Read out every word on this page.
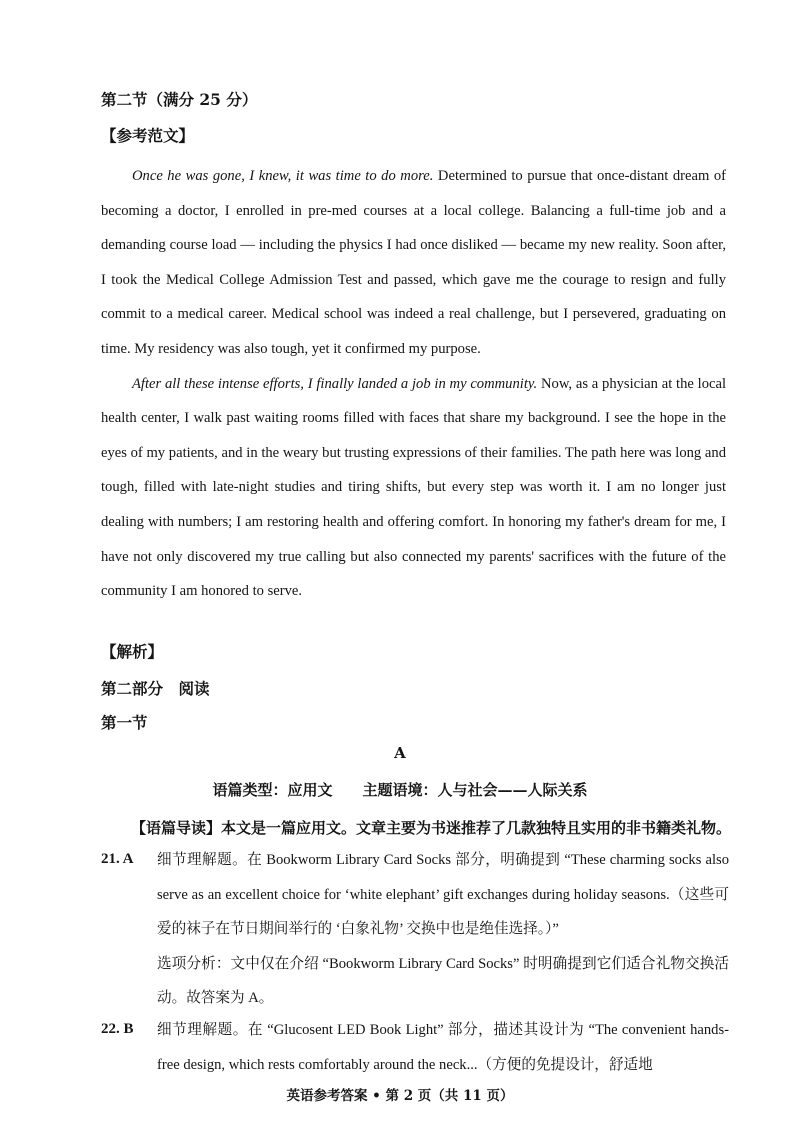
第二节（满分 25 分）
【参考范文】

Once he was gone, I knew, it was time to do more. Determined to pursue that once-distant dream of becoming a doctor, I enrolled in pre-med courses at a local college. Balancing a full-time job and a demanding course load — including the physics I had once disliked — became my new reality. Soon after, I took the Medical College Admission Test and passed, which gave me the courage to resign and fully commit to a medical career. Medical school was indeed a real challenge, but I persevered, graduating on time. My residency was also tough, yet it confirmed my purpose.

After all these intense efforts, I finally landed a job in my community. Now, as a physician at the local health center, I walk past waiting rooms filled with faces that share my background. I see the hope in the eyes of my patients, and in the weary but trusting expressions of their families. The path here was long and tough, filled with late-night studies and tiring shifts, but every step was worth it. I am no longer just dealing with numbers; I am restoring health and offering comfort. In honoring my father's dream for me, I have not only discovered my true calling but also connected my parents' sacrifices with the future of the community I am honored to serve.

【解析】
第二部分　阅读
第一节
A
语篇类型：应用文　　主题语境：人与社会——人际关系
【语篇导读】本文是一篇应用文。文章主要为书迷推荐了几款独特且实用的非书籍类礼物。
21. A 细节理解题。在 Bookworm Library Card Socks 部分，明确提到 “These charming socks also serve as an excellent choice for ‘white elephant’ gift exchanges during holiday seasons.（这些可爱的袜子在节日期间举行的 ‘白象礼物’ 交换中也是绝佳选择。）”

选项分析：文中仅在介绍 “Bookworm Library Card Socks” 时明确提到它们适合礼物交换活动。故答案为 A。

22. B 细节理解题。在 “Glucosent LED Book Light” 部分，描述其设计为 “The convenient hands-free design, which rests comfortably around the neck...（方便的免提设计，舒适地

英语参考答案 • 第 2 页（共 11 页）
